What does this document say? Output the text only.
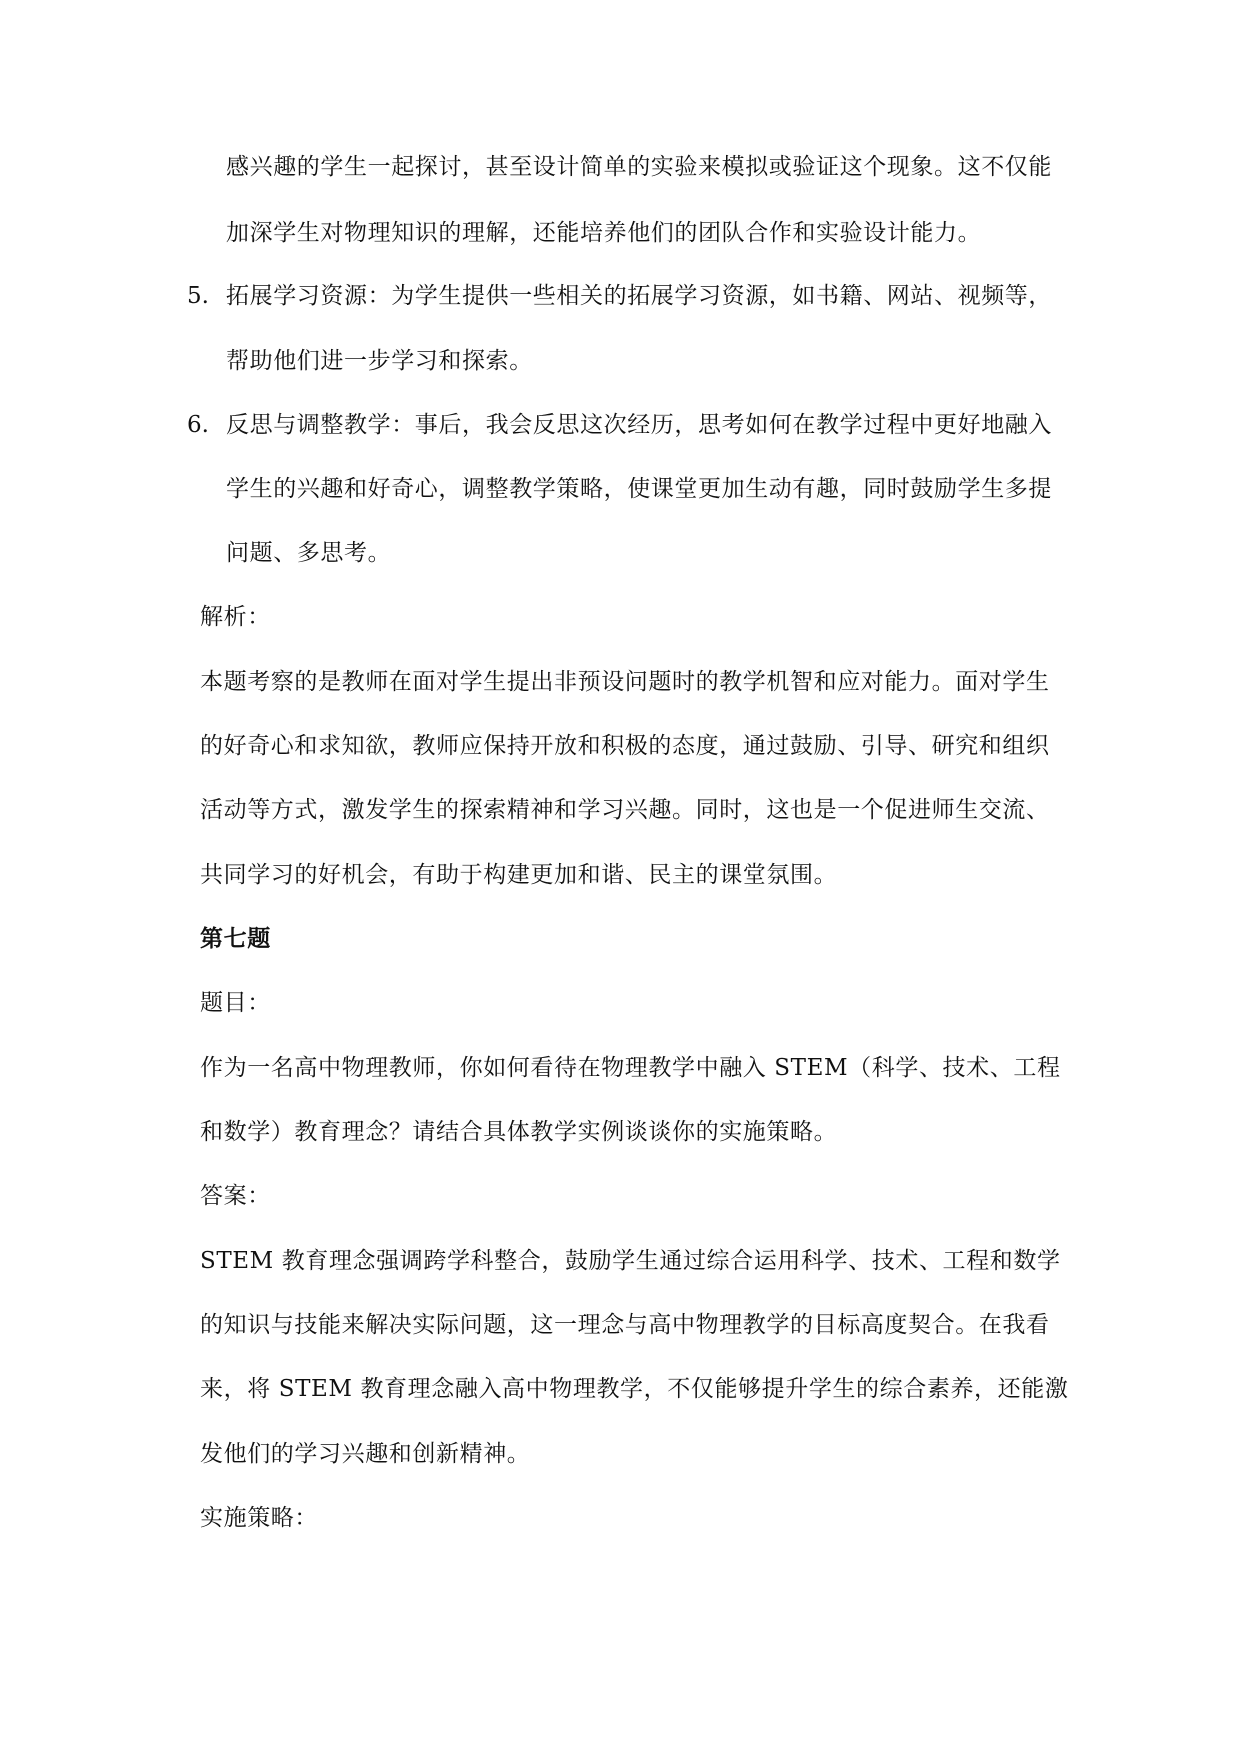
感兴趣的学生一起探讨，甚至设计简单的实验来模拟或验证这个现象。这不仅能
加深学生对物理知识的理解，还能培养他们的团队合作和实验设计能力。
5. 拓展学习资源：为学生提供一些相关的拓展学习资源，如书籍、网站、视频等，
帮助他们进一步学习和探索。
6. 反思与调整教学：事后，我会反思这次经历，思考如何在教学过程中更好地融入
学生的兴趣和好奇心，调整教学策略，使课堂更加生动有趣，同时鼓励学生多提
问题、多思考。
解析：
本题考察的是教师在面对学生提出非预设问题时的教学机智和应对能力。面对学生
的好奇心和求知欲，教师应保持开放和积极的态度，通过鼓励、引导、研究和组织
活动等方式，激发学生的探索精神和学习兴趣。同时，这也是一个促进师生交流、
共同学习的好机会，有助于构建更加和谐、民主的课堂氛围。
第七题
题目：
作为一名高中物理教师，你如何看待在物理教学中融入 STEM（科学、技术、工程
和数学）教育理念？请结合具体教学实例谈谈你的实施策略。
答案：
STEM 教育理念强调跨学科整合，鼓励学生通过综合运用科学、技术、工程和数学
的知识与技能来解决实际问题，这一理念与高中物理教学的目标高度契合。在我看
来，将 STEM 教育理念融入高中物理教学，不仅能够提升学生的综合素养，还能激
发他们的学习兴趣和创新精神。
实施策略：
